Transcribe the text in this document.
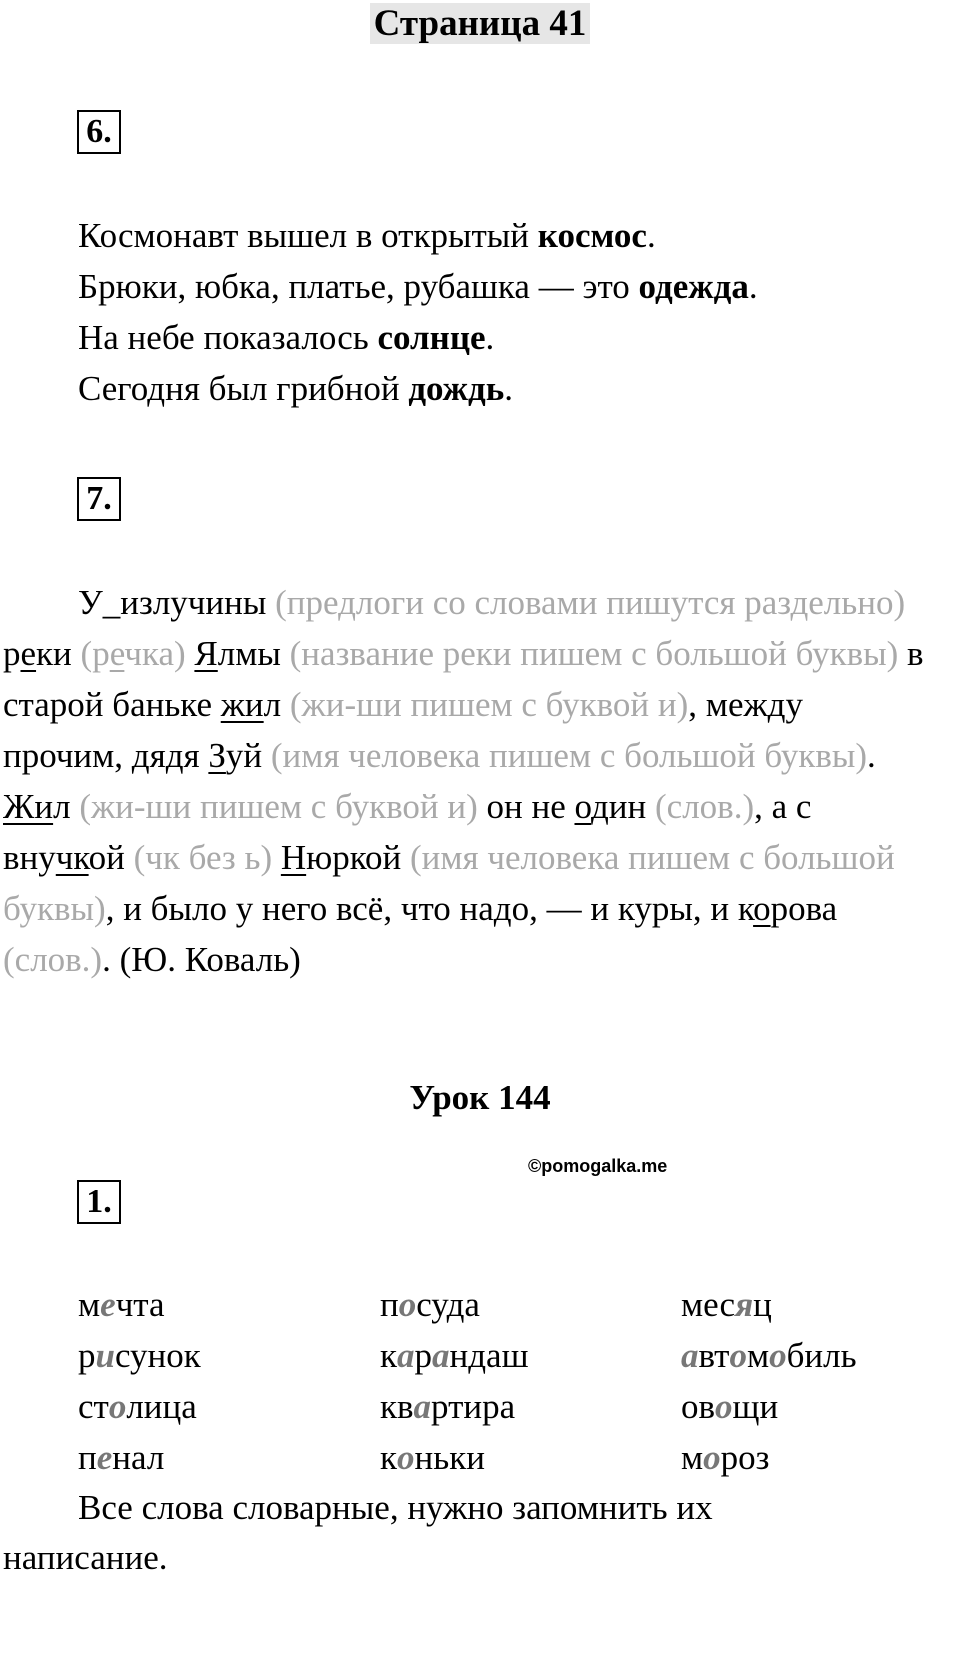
Страница 41
6.
Космонавт вышел в открытый космос.
Брюки, юбка, платье, рубашка — это одежда.
На небе показалось солнце.
Сегодня был грибной дождь.
7.
У_излучины (предлоги со словами пишутся раздельно)
реки (речка) Ялмы (название реки пишем с большой буквы) в
старой баньке жил (жи-ши пишем с буквой и), между
прочим, дядя Зуй (имя человека пишем с большой буквы).
Жил (жи-ши пишем с буквой и) он не один (слов.), а с
внучкой (чк без ь) Нюркой (имя человека пишем с большой
буквы), и было у него всё, что надо, — и куры, и корова
(слов.). (Ю. Коваль)
Урок 144
©pomogalka.me
1.
мечта
рисунок
столица
пенал
посуда
карандаш
квартира
коньки
месяц
автомобиль
овощи
мороз
Все слова словарные, нужно запомнить их
написание.
